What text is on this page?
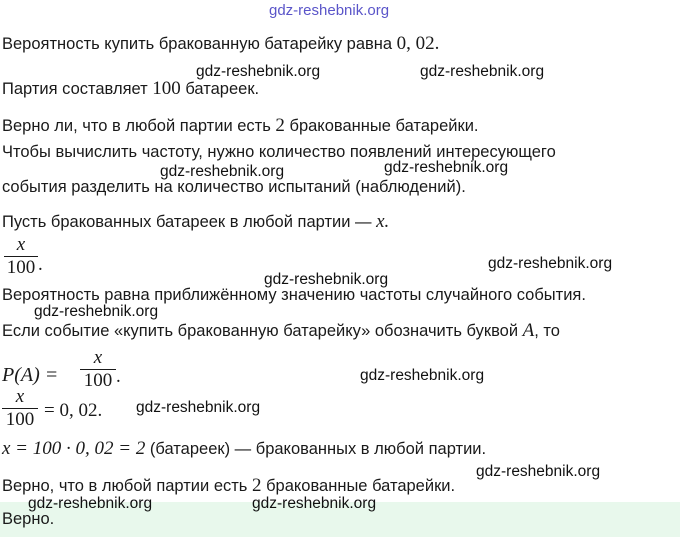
gdz-reshebnik.org
Вероятность купить бракованную батарейку равна 0, 02.
Партия составляет 100 батареек.
Верно ли, что в любой партии есть 2 бракованные батарейки.
Чтобы вычислить частоту, нужно количество появлений интересующего
события разделить на количество испытаний (наблюдений).
Пусть бракованных батареек в любой партии — x.
x
100 .
Вероятность равна приближённому значению частоты случайного события.
Если событие «купить бракованную батарейку» обозначить буквой A, то
P(A) =
x
100 .
x
100 = 0, 02.
x = 100 · 0, 02 = 2 (батареек) — бракованных в любой партии.
Верно, что в любой партии есть 2 бракованные батарейки.
Верно.
gdz-reshebnik.org	gdz-reshebnik.org
gdz-reshebnik.org
gdz-reshebnik.org
gdz-reshebnik.org
gdz-reshebnik.org
gdz-reshebnik.org
gdz-reshebnik.org
gdz-reshebnik.org
gdz-reshebnik.org
gdz-reshebnik.org	gdz-reshebnik.org
